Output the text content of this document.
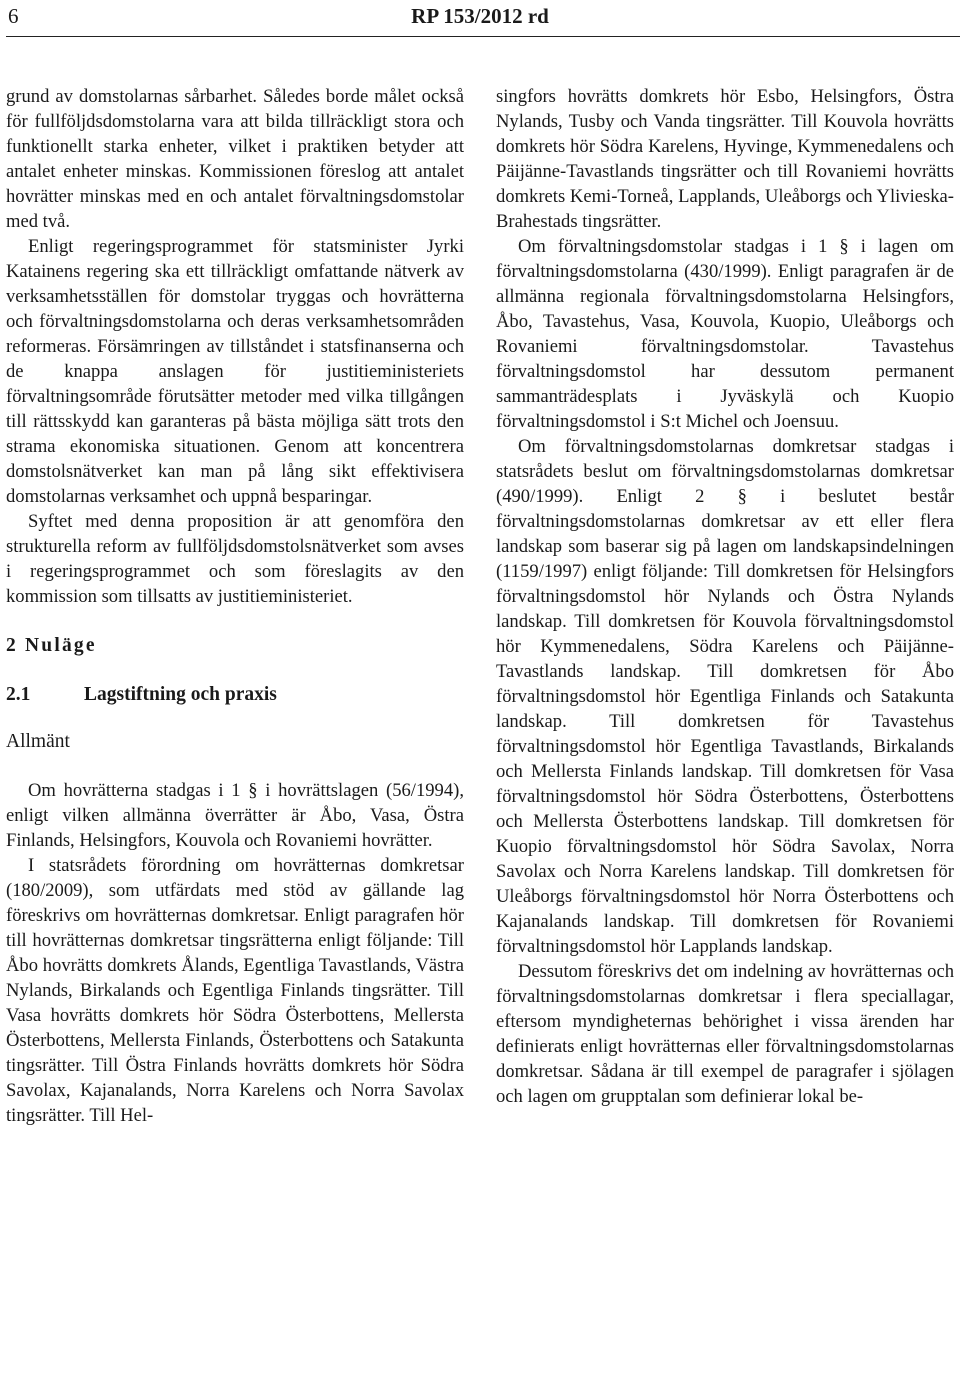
6	RP 153/2012 rd

grund av domstolarnas sårbarhet. Således borde målet också för fullföljdsdomstolarna vara att bilda tillräckligt stora och funktionellt starka enheter, vilket i praktiken betyder att antalet enheter minskas. Kommissionen föreslog att antalet hovrätter minskas med en och antalet förvaltningsdomstolar med två.

Enligt regeringsprogrammet för statsminister Jyrki Katainens regering ska ett tillräckligt omfattande nätverk av verksamhetsställen för domstolar tryggas och hovrätterna och förvaltningsdomstolarna och deras verksamhetsområden reformeras. Försämringen av tillståndet i statsfinanserna och de knappa anslagen för justitieministeriets förvaltningsområde förutsätter metoder med vilka tillgången till rättsskydd kan garanteras på bästa möjliga sätt trots den strama ekonomiska situationen. Genom att koncentrera domstolsnätverket kan man på lång sikt effektivisera domstolarnas verksamhet och uppnå besparingar.

Syftet med denna proposition är att genomföra den strukturella reform av fullföljdsdomstolsnätverket som avses i regeringsprogrammet och som föreslagits av den kommission som tillsatts av justitieministeriet.

2 Nuläge
2.1	Lagstiftning och praxis
Allmänt

Om hovrätterna stadgas i 1 § i hovrättslagen (56/1994), enligt vilken allmänna överrätter är Åbo, Vasa, Östra Finlands, Helsingfors, Kouvola och Rovaniemi hovrätter.

I statsrådets förordning om hovrätternas domkretsar (180/2009), som utfärdats med stöd av gällande lag föreskrivs om hovrätternas domkretsar. Enligt paragrafen hör till hovrätternas domkretsar tingsrätterna enligt följande: Till Åbo hovrätts domkrets Ålands, Egentliga Tavastlands, Västra Nylands, Birkalands och Egentliga Finlands tingsrätter. Till Vasa hovrätts domkrets hör Södra Österbottens, Mellersta Österbottens, Mellersta Finlands, Österbottens och Satakunta tingsrätter. Till Östra Finlands hovrätts domkrets hör Södra Savolax, Kajanalands, Norra Karelens och Norra Savolax tingsrätter. Till Hel-

singfors hovrätts domkrets hör Esbo, Helsingfors, Östra Nylands, Tusby och Vanda tingsrätter. Till Kouvola hovrätts domkrets hör Södra Karelens, Hyvinge, Kymmenedalens och Päijänne-Tavastlands tingsrätter och till Rovaniemi hovrätts domkrets Kemi-Torneå, Lapplands, Uleåborgs och Ylivieska-Brahestads tingsrätter.

Om förvaltningsdomstolar stadgas i 1 § i lagen om förvaltningsdomstolarna (430/1999). Enligt paragrafen är de allmänna regionala förvaltningsdomstolarna Helsingfors, Åbo, Tavastehus, Vasa, Kouvola, Kuopio, Uleåborgs och Rovaniemi förvaltningsdomstolar. Tavastehus förvaltningsdomstol har dessutom permanent sammanträdesplats i Jyväskylä och Kuopio förvaltningsdomstol i S:t Michel och Joensuu.

Om förvaltningsdomstolarnas domkretsar stadgas i statsrådets beslut om förvaltningsdomstolarnas domkretsar (490/1999). Enligt 2 § i beslutet består förvaltningsdomstolarnas domkretsar av ett eller flera landskap som baserar sig på lagen om landskapsindelningen (1159/1997) enligt följande: Till domkretsen för Helsingfors förvaltningsdomstol hör Nylands och Östra Nylands landskap. Till domkretsen för Kouvola förvaltningsdomstol hör Kymmenedalens, Södra Karelens och Päijänne-Tavastlands landskap. Till domkretsen för Åbo förvaltningsdomstol hör Egentliga Finlands och Satakunta landskap. Till domkretsen för Tavastehus förvaltningsdomstol hör Egentliga Tavastlands, Birkalands och Mellersta Finlands landskap. Till domkretsen för Vasa förvaltningsdomstol hör Södra Österbottens, Österbottens och Mellersta Österbottens landskap. Till domkretsen för Kuopio förvaltningsdomstol hör Södra Savolax, Norra Savolax och Norra Karelens landskap. Till domkretsen för Uleåborgs förvaltningsdomstol hör Norra Österbottens och Kajanalands landskap. Till domkretsen för Rovaniemi förvaltningsdomstol hör Lapplands landskap.

Dessutom föreskrivs det om indelning av hovrätternas och förvaltningsdomstolarnas domkretsar i flera speciallagar, eftersom myndigheternas behörighet i vissa ärenden har definierats enligt hovrätternas eller förvaltningsdomstolarnas domkretsar. Sådana är till exempel de paragrafer i sjölagen och lagen om grupptalan som definierar lokal be-
